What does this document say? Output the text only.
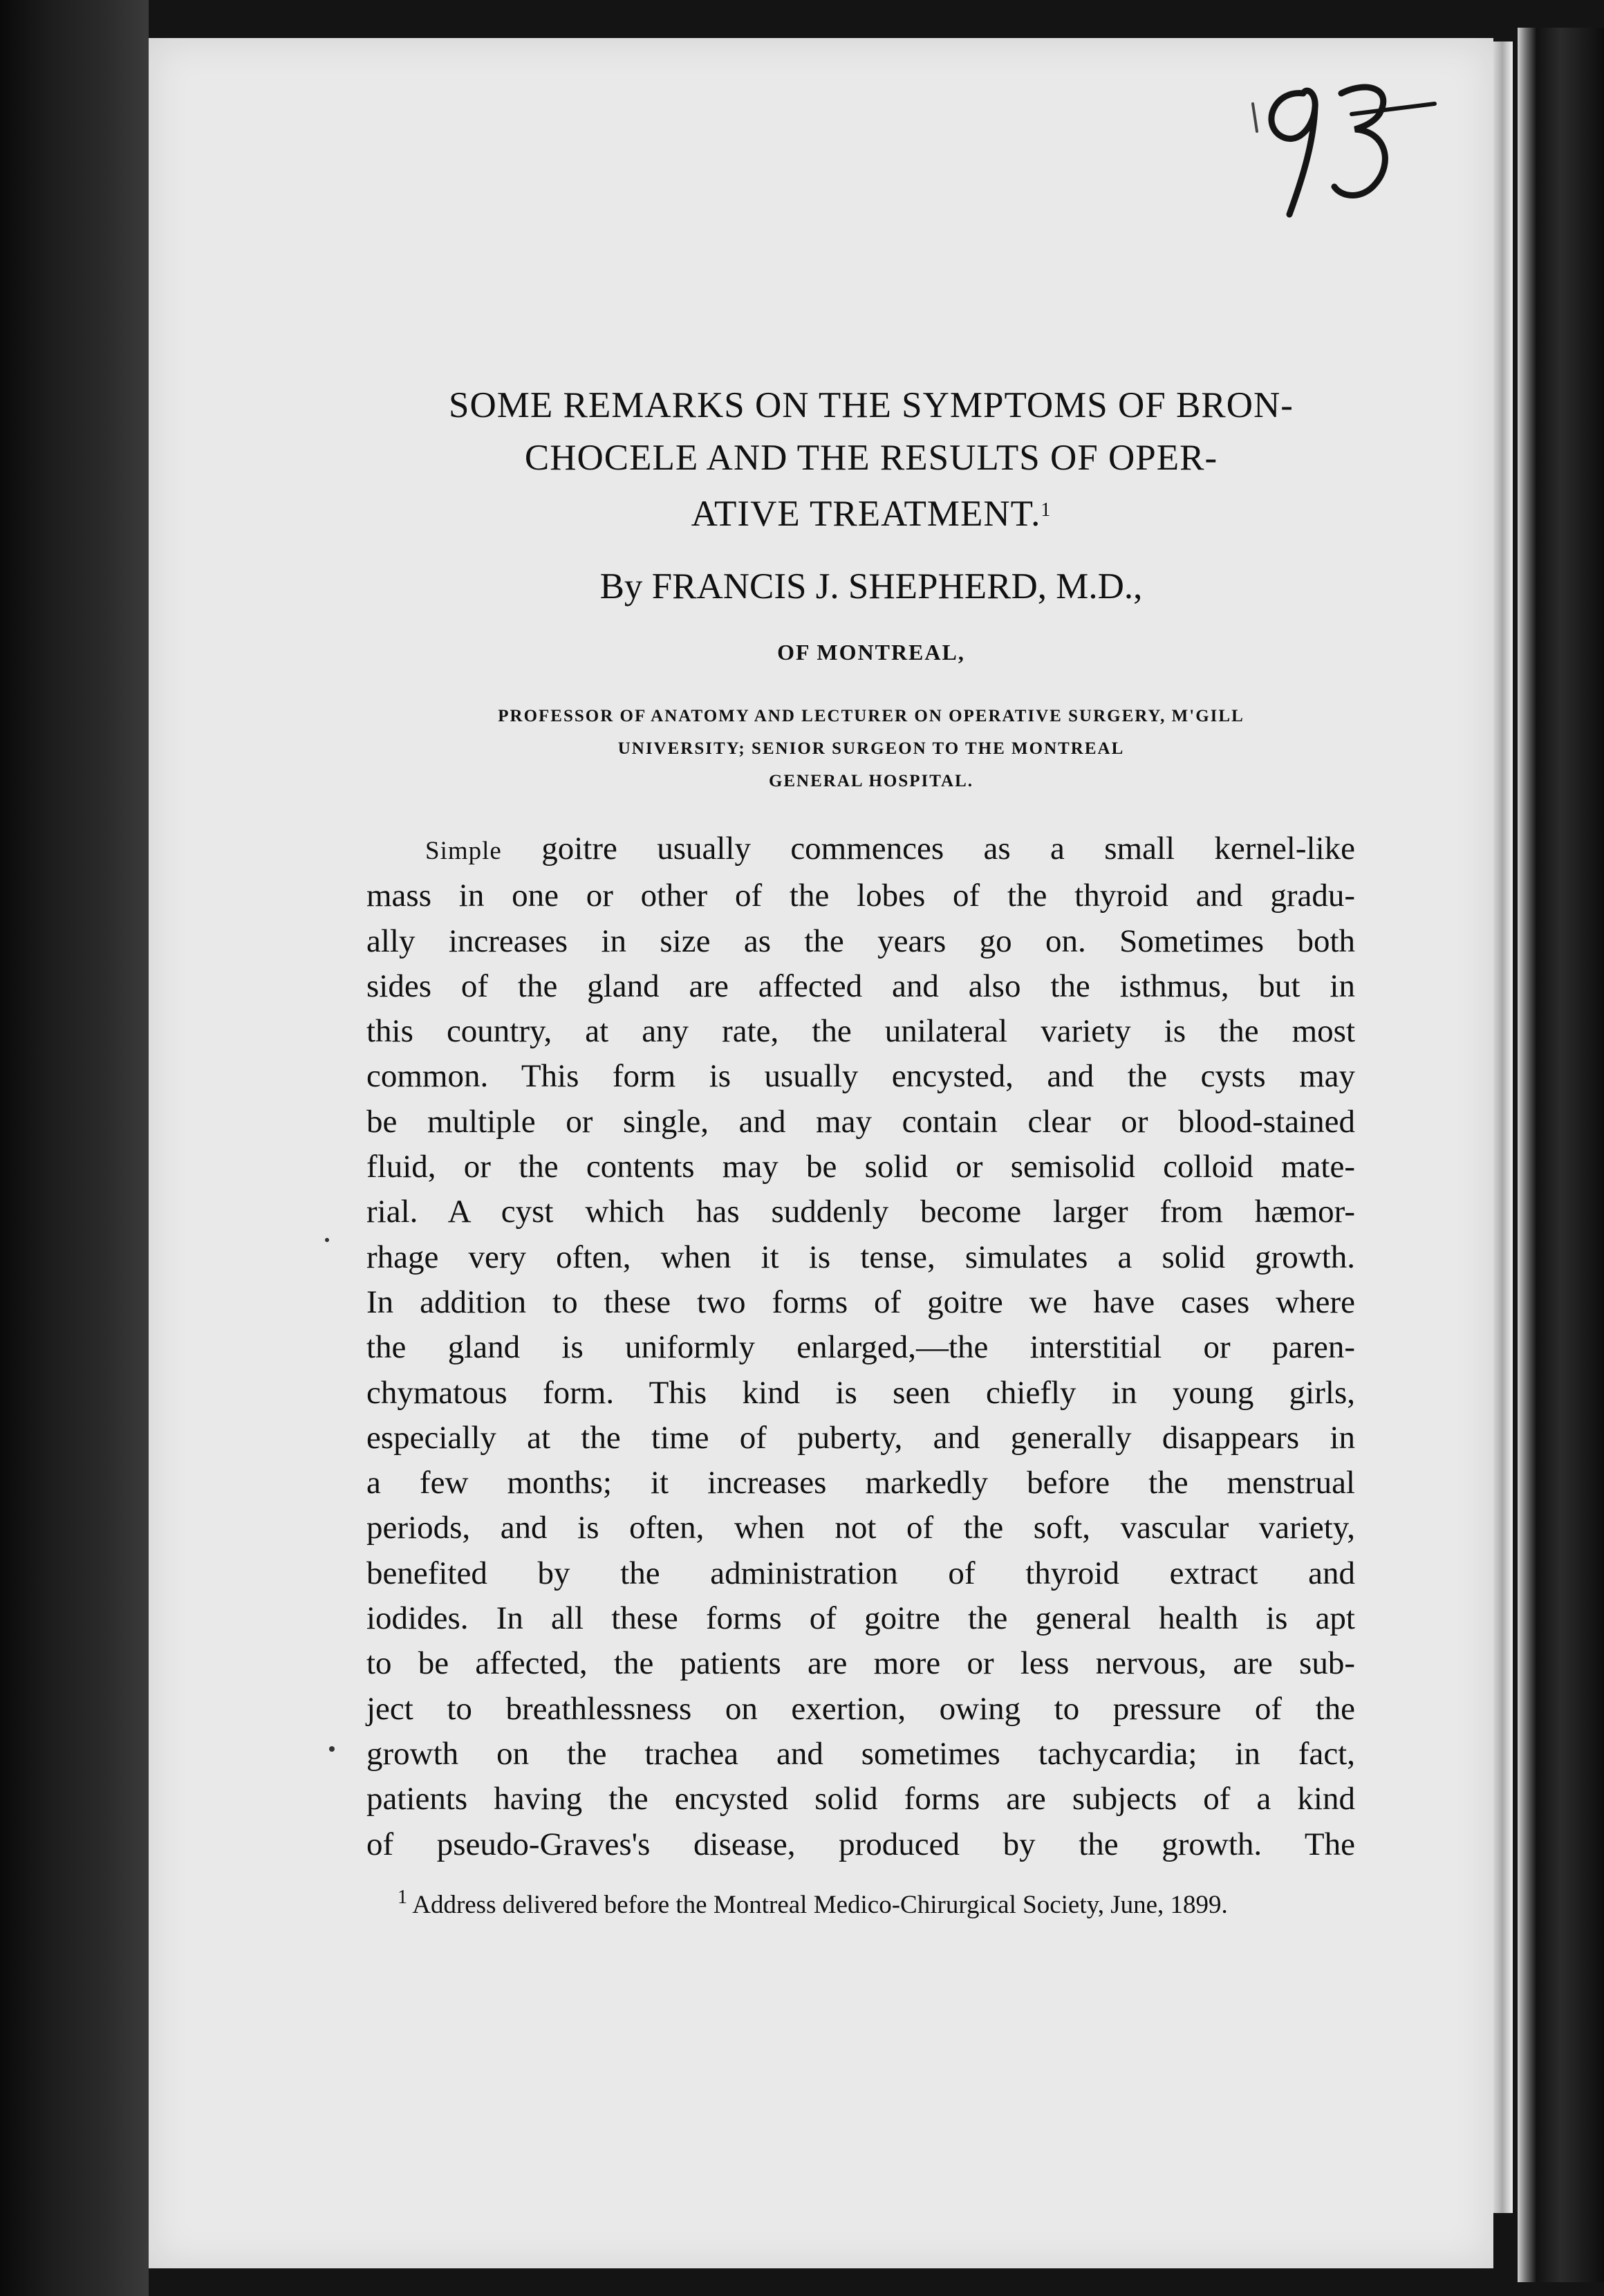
SOME REMARKS ON THE SYMPTOMS OF BRON-
CHOCELE AND THE RESULTS OF OPER-
ATIVE TREATMENT.$^1$
By FRANCIS J. SHEPHERD, M.D.,
OF MONTREAL,
PROFESSOR OF ANATOMY AND LECTURER ON OPERATIVE SURGERY, M'GILL
UNIVERSITY; SENIOR SURGEON TO THE MONTREAL
GENERAL HOSPITAL.
Simple goitre usually commences as a small kernel-like
mass in one or other of the lobes of the thyroid and gradu-
ally increases in size as the years go on. Sometimes both
sides of the gland are affected and also the isthmus, but in
this country, at any rate, the unilateral variety is the most
common. This form is usually encysted, and the cysts may
be multiple or single, and may contain clear or blood-stained
fluid, or the contents may be solid or semisolid colloid mate-
rial. A cyst which has suddenly become larger from hæmor-
rhage very often, when it is tense, simulates a solid growth.
In addition to these two forms of goitre we have cases where
the gland is uniformly enlarged,—the interstitial or paren-
chymatous form. This kind is seen chiefly in young girls,
especially at the time of puberty, and generally disappears in
a few months; it increases markedly before the menstrual
periods, and is often, when not of the soft, vascular variety,
benefited by the administration of thyroid extract and
iodides. In all these forms of goitre the general health is apt
to be affected, the patients are more or less nervous, are sub-
ject to breathlessness on exertion, owing to pressure of the
growth on the trachea and sometimes tachycardia; in fact,
patients having the encysted solid forms are subjects of a kind
of pseudo-Graves's disease, produced by the growth. The
$^1$ Address delivered before the Montreal Medico-Chirurgical Society, June, 1899.
